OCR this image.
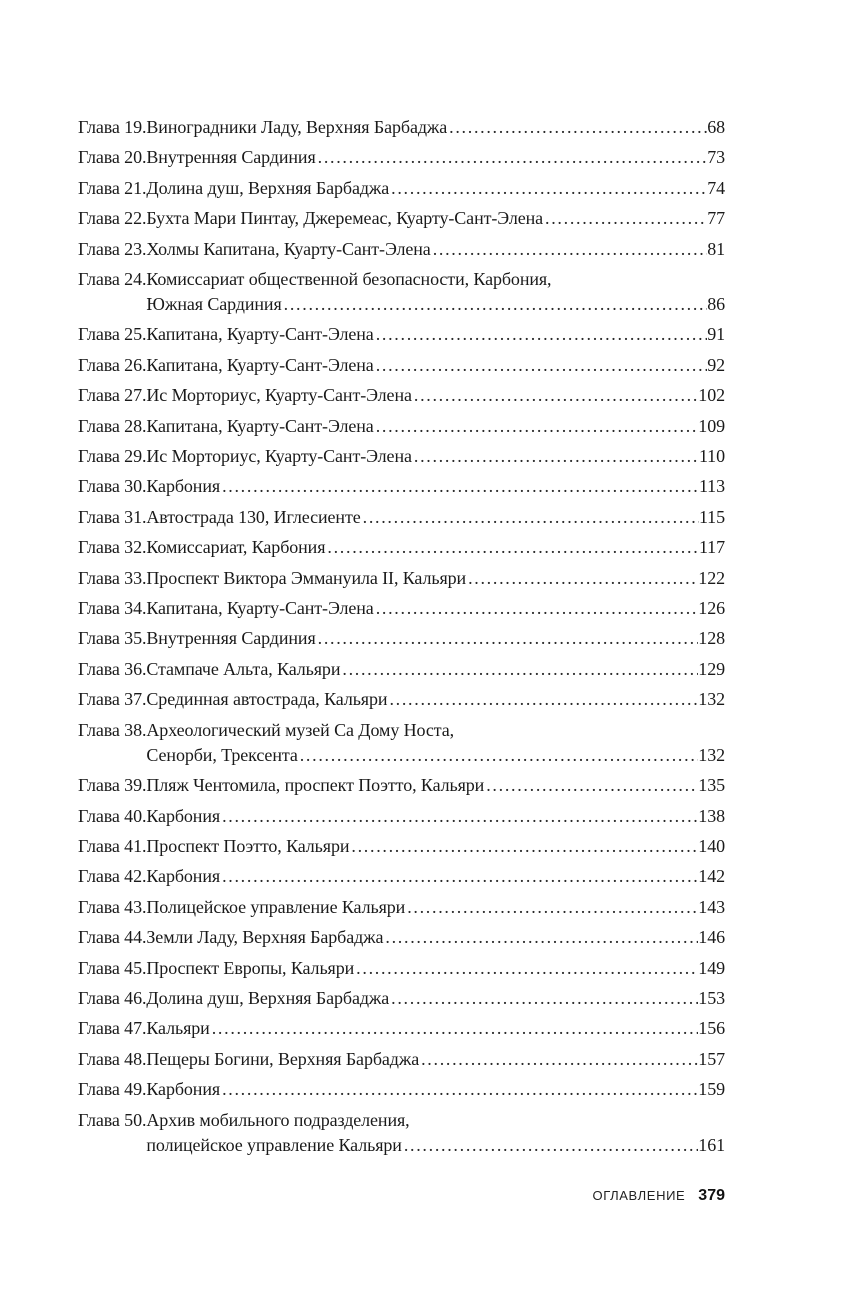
Глава 19. Виноградники Ладу, Верхняя Барбаджа . . .	68
Глава 20. Внутренняя Сардиния . . .	73
Глава 21. Долина душ, Верхняя Барбаджа . . .	74
Глава 22. Бухта Мари Пинтау, Джеремеас, Куарту-Сант-Элена . . .	77
Глава 23. Холмы Капитана, Куарту-Сант-Элена . . .	81
Глава 24. Комиссариат общественной безопасности, Карбония,
Южная Сардиния . . .	86
Глава 25. Капитана, Куарту-Сант-Элена . . .	91
Глава 26. Капитана, Куарту-Сант-Элена . . .	92
Глава 27. Ис Морториус, Куарту-Сант-Элена . . .	102
Глава 28. Капитана, Куарту-Сант-Элена . . .	109
Глава 29. Ис Морториус, Куарту-Сант-Элена . . .	110
Глава 30. Карбония . . .	113
Глава 31. Автострада 130, Иглесиенте . . .	115
Глава 32. Комиссариат, Карбония . . .	117
Глава 33. Проспект Виктора Эммануила II, Кальяри . . .	122
Глава 34. Капитана, Куарту-Сант-Элена . . .	126
Глава 35. Внутренняя Сардиния . . .	128
Глава 36. Стампаче Альта, Кальяри . . .	129
Глава 37. Срединная автострада, Кальяри . . .	132
Глава 38. Археологический музей Са Дому Носта,
Сенорби, Трексента . . .	132
Глава 39. Пляж Чентомила, проспект Поэтто, Кальяри . . .	135
Глава 40. Карбония . . .	138
Глава 41. Проспект Поэтто, Кальяри . . .	140
Глава 42. Карбония . . .	142
Глава 43. Полицейское управление Кальяри . . .	143
Глава 44. Земли Ладу, Верхняя Барбаджа . . .	146
Глава 45. Проспект Европы, Кальяри . . .	149
Глава 46. Долина душ, Верхняя Барбаджа . . .	153
Глава 47. Кальяри . . .	156
Глава 48. Пещеры Богини, Верхняя Барбаджа . . .	157
Глава 49. Карбония . . .	159
Глава 50. Архив мобильного подразделения,
полицейское управление Кальяри . . .	161
ОГЛАВЛЕНИЕ 379
